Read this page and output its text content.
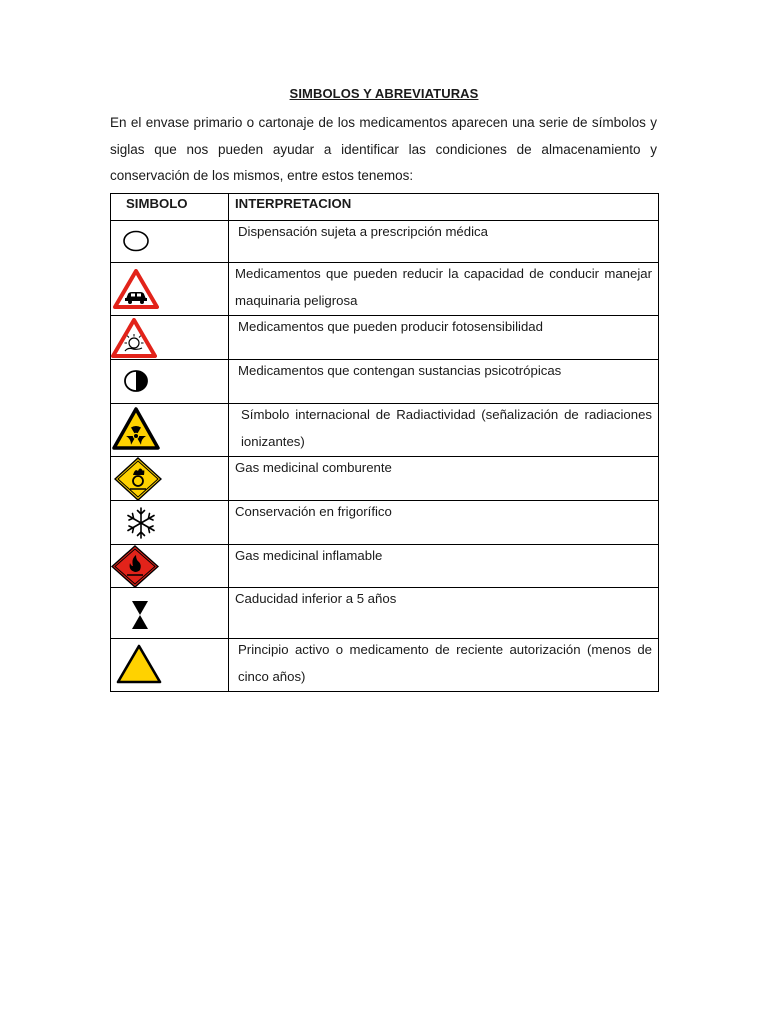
SIMBOLOS Y ABREVIATURAS

En el envase primario o cartonaje de los medicamentos aparecen una serie de símbolos y siglas que nos pueden ayudar a identificar las condiciones de almacenamiento y conservación de los mismos, entre estos tenemos:

SIMBOLO	INTERPRETACION

Dispensación sujeta a prescripción médica

Medicamentos que pueden reducir la capacidad de conducir manejar maquinaria peligrosa

Medicamentos que pueden producir fotosensibilidad

Medicamentos que contengan sustancias psicotrópicas

Símbolo internacional de Radiactividad (señalización de radiaciones ionizantes)

Gas medicinal comburente

Conservación en frigorífico

Gas medicinal inflamable

Caducidad inferior a 5 años

Principio activo o medicamento de reciente autorización (menos de cinco años)
